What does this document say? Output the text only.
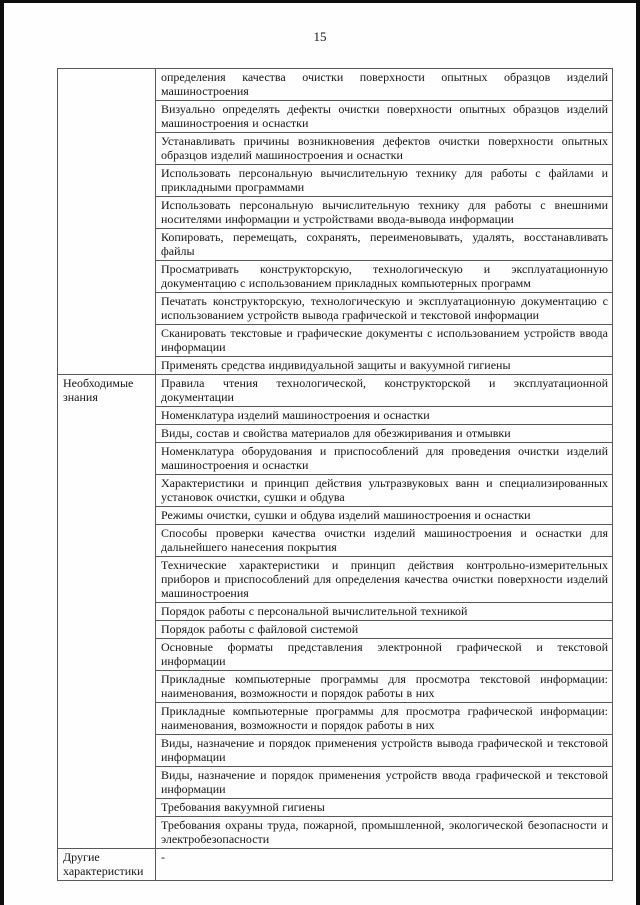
15
	определения качества очистки поверхности опытных образцов изделий машиностроения
	Визуально определять дефекты очистки поверхности опытных образцов изделий машиностроения и оснастки
	Устанавливать причины возникновения дефектов очистки поверхности опытных образцов изделий машиностроения и оснастки
	Использовать персональную вычислительную технику для работы с файлами и прикладными программами
	Использовать персональную вычислительную технику для работы с внешними носителями информации и устройствами ввода-вывода информации
	Копировать, перемещать, сохранять, переименовывать, удалять, восстанавливать файлы
	Просматривать конструкторскую, технологическую и эксплуатационную документацию с использованием прикладных компьютерных программ
	Печатать конструкторскую, технологическую и эксплуатационную документацию с использованием устройств вывода графической и текстовой информации
	Сканировать текстовые и графические документы с использованием устройств ввода информации
	Применять средства индивидуальной защиты и вакуумной гигиены
Необходимые знания	Правила чтения технологической, конструкторской и эксплуатационной документации
	Номенклатура изделий машиностроения и оснастки
	Виды, состав и свойства материалов для обезжиривания и отмывки
	Номенклатура оборудования и приспособлений для проведения очистки изделий машиностроения и оснастки
	Характеристики и принцип действия ультразвуковых ванн и специализированных установок очистки, сушки и обдува
	Режимы очистки, сушки и обдува изделий машиностроения и оснастки
	Способы проверки качества очистки изделий машиностроения и оснастки для дальнейшего нанесения покрытия
	Технические характеристики и принцип действия контрольно-измерительных приборов и приспособлений для определения качества очистки поверхности изделий машиностроения
	Порядок работы с персональной вычислительной техникой
	Порядок работы с файловой системой
	Основные форматы представления электронной графической и текстовой информации
	Прикладные компьютерные программы для просмотра текстовой информации: наименования, возможности и порядок работы в них
	Прикладные компьютерные программы для просмотра графической информации: наименования, возможности и порядок работы в них
	Виды, назначение и порядок применения устройств вывода графической и текстовой информации
	Виды, назначение и порядок применения устройств ввода графической и текстовой информации
	Требования вакуумной гигиены
	Требования охраны труда, пожарной, промышленной, экологической безопасности и электробезопасности
Другие характеристики	-
